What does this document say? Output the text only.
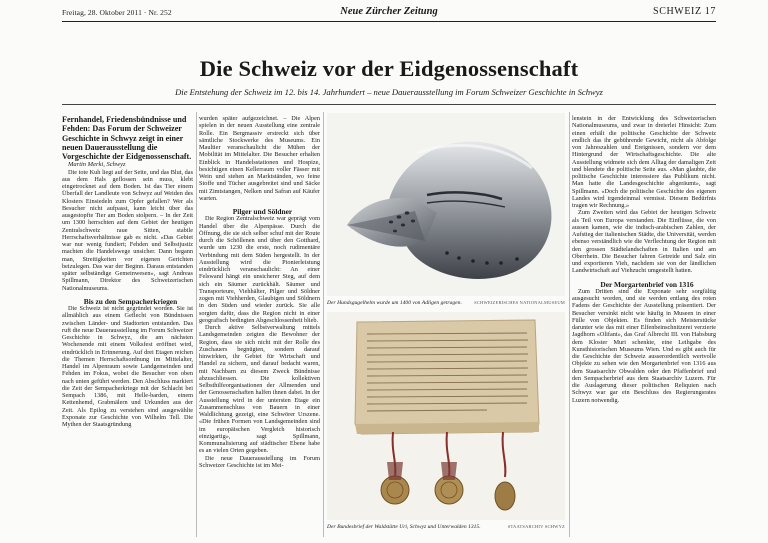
Freitag, 28. Oktober 2011 · Nr. 252	Neue Zürcher Zeitung	SCHWEIZ 17
Die Schweiz vor der Eidgenossenschaft
Die Entstehung der Schweiz im 12. bis 14. Jahrhundert – neue Dauerausstellung im Forum Schweizer Geschichte in Schwyz

Fernhandel, Friedensbündnisse und Fehden: Das Forum der Schweizer Geschichte in Schwyz zeigt in einer neuen Dauerausstellung die Vorgeschichte der Eidgenossenschaft.

Martin Merki, Schwyz

Die tote Kuh liegt auf der Seite, und das Blut, das aus dem Hals geflossen sein muss, klebt eingetrocknet auf dem Boden. Ist das Tier einem Überfall der Landleute von Schwyz auf Weiden des Klosters Einsiedeln zum Opfer gefallen? Wer als Besucher nicht aufpasst, kann leicht über das ausgestopfte Tier am Boden stolpern. – In der Zeit um 1300 herrschten auf dem Gebiet der heutigen Zentralschweiz raue Sitten, stabile Herrschaftsverhältnisse gab es nicht. «Das Gebiet war nur wenig fundiert; Fehden und Selbstjustiz machten die Handelswege unsicher. Dann begann man, Streitigkeiten vor eigenen Gerichten beizulegen. Das war der Beginn. Daraus entstanden später selbständige Gemeinwesen», sagt Andreas Spillmann, Direktor des Schweizerischen Nationalmuseums.

Bis zu den Sempacherkriegen

Die Schweiz ist nicht gegründet worden. Sie ist allmählich aus einem Geflecht von Bündnissen zwischen Länder- und Stadtorten entstanden. Das ruft die neue Dauerausstellung im Forum Schweizer Geschichte in Schwyz, die am nächsten Wochenende mit einem Volksfest eröffnet wird, eindrücklich in Erinnerung. Auf drei Etagen reichen die Themen Herrschaftsordnung im Mittelalter, Handel im Alpenraum sowie Landgemeinden und Fehden im Fokus, wobei die Besucher von oben nach unten geführt werden. Den Abschluss markiert die Zeit der Sempacherkriege mit der Schlacht bei Sempach 1386, mit Helle-barden, einem Kettenhemd, Grabmälern und Urkunden aus der Zeit. Als Epilog zu verstehen sind ausgewählte Exponate zur Geschichte von Wilhelm Tell. Die Mythen der Staatsgründung

wurden später aufgezeichnet. – Die Alpen spielen in der neuen Ausstellung eine zentrale Rolle. Ein Bergmassiv erstreckt sich über sämtliche Stockwerke des Museums. Ein Maultier veranschaulicht die Mühen der Mobilität im Mittelalter. Die Besucher erhalten Einblick in Handelsstationen und Hospize, besichtigen einen Kellerraum voller Fässer mit Wein und stehen an Marktständen, wo feine Stoffe und Tücher ausgebreitet sind und Säcke mit Zimtstangen, Nelken und Safran auf Käufer warten.

Pilger und Söldner

Die Region Zentralschweiz war geprägt vom Handel über die Alpenpässe. Durch die Öffnung, die sie sich selber schuf mit der Route durch die Schöllenen und über den Gotthard, wurde um 1230 die erste, noch rudimentäre Verbindung mit dem Süden hergestellt. In der Ausstellung wird die Pionierleistung eindrücklich veranschaulicht: An einer Felswand hängt ein unsicherer Steg, auf dem sich ein Säumer zurückhält. Säumer und Transporteure, Viehhälter, Pilger und Söldner zogen mit Viehherden, Glaubigen und Söldnern in den Süden und wieder zurück. Sie alle sorgten dafür, dass die Region nicht in einer geografisch bedingten Abgeschlossenheit blieb.

Durch aktive Selbstverwaltung mittels Landsgemeinden zeigten die Bewohner der Region, dass sie sich nicht mit der Rolle des Zuschauers begnügten, sondern darauf hinwirkten, ihr Gebiet für Wirtschaft und Handel zu sichern, und darauf bedacht waren, mit Nachbarn zu diesem Zweck Bündnisse abzuschliessen. Die kollektiven Selbsthilfeorganisationen der Allmenden und der Genossenschaften halfen ihnen dabei. In der Ausstellung wird in der untersten Etage ein Zusammenschluss von Bauern in einer Waldlichtung gezeigt, eine Schwörer Urszene. «Die frühen Formen von Landsgemeinden sind im europäischen Vergleich historisch einzigartig», sagt Spillmann, Kommunalisierung auf städtischer Ebene habe es an vielen Orten gegeben.

Die neue Dauerausstellung im Forum Schweizer Geschichte ist im Mei-

Der Hundsgugelhelm wurde um 1400 von Adligen getragen.	SCHWEIZERISCHES NATIONALMUSEUM
Der Bundesbrief der Waldstätte Uri, Schwyz und Unterwalden 1315.	STAATSARCHIV SCHWYZ

lenstein in der Entwicklung des Schweizerischen Nationalmuseums, und zwar in dreierlei Hinsicht: Zum einen erhält die politische Geschichte der Schweiz endlich das ihr gebührende Gewicht, nicht als Abfolge von Jahreszahlen und Ereignissen, sondern vor dem Hintergrund der Wirtschaftsgeschichte. Die alte Ausstellung widmete sich dem Alltag der damaligen Zeit und blendete die politische Seite aus. «Man glaubte, die politische Geschichte interessiere das Publikum nicht. Man hatte die Landesgeschichte abgeräumt», sagt Spillmann. «Doch die politische Geschichte des eigenen Landes wird irgendeinmal vermisst. Diesem Bedürfnis tragen wir Rechnung.»

Zum Zweiten wird das Gebiet der heutigen Schweiz als Teil von Europa verstanden. Die Einflüsse, die von aussen kamen, wie die indisch-arabischen Zahlen, der Aufstieg der italienischen Städte, die Universität, werden ebenso verständlich wie die Verflechtung der Region mit den grossen Städtelandschaften in Italien und am Oberrhein. Die Besucher fahren Getreide und Salz ein und exportieren Vieh, nachdem sie von der ländlichen Landwirtschaft auf Viehzucht umgestellt hatten.

Der Morgartenbrief von 1316

Zum Dritten sind die Exponate sehr sorgfältig ausgesucht worden, und sie werden entlang des roten Fadens der Geschichte der Ausstellung präsentiert. Der Besucher versinkt nicht wie häufig in Museen in einer Fülle von Objekten. Es finden sich Meisterstücke darunter wie das mit einer Elfenbeinschnitzerei verzierte Jagdhorn «Olifant», das Graf Albrecht III. von Habsburg dem Kloster Muri schenkte, eine Leihgabe des Kunsthistorischen Museums Wien. Und es gibt auch für die Geschichte der Schweiz ausserordentlich wertvolle Objekte zu sehen wie den Morgartenbrief von 1316 aus dem Staatsarchiv Obwalden oder den Pfaffenbrief und den Sempacherbrief aus dem Staatsarchiv Luzern. Für die Auslagerung dieser politischen Reliquien nach Schwyz war gar ein Beschluss des Regierungsrates Luzern notwendig.
